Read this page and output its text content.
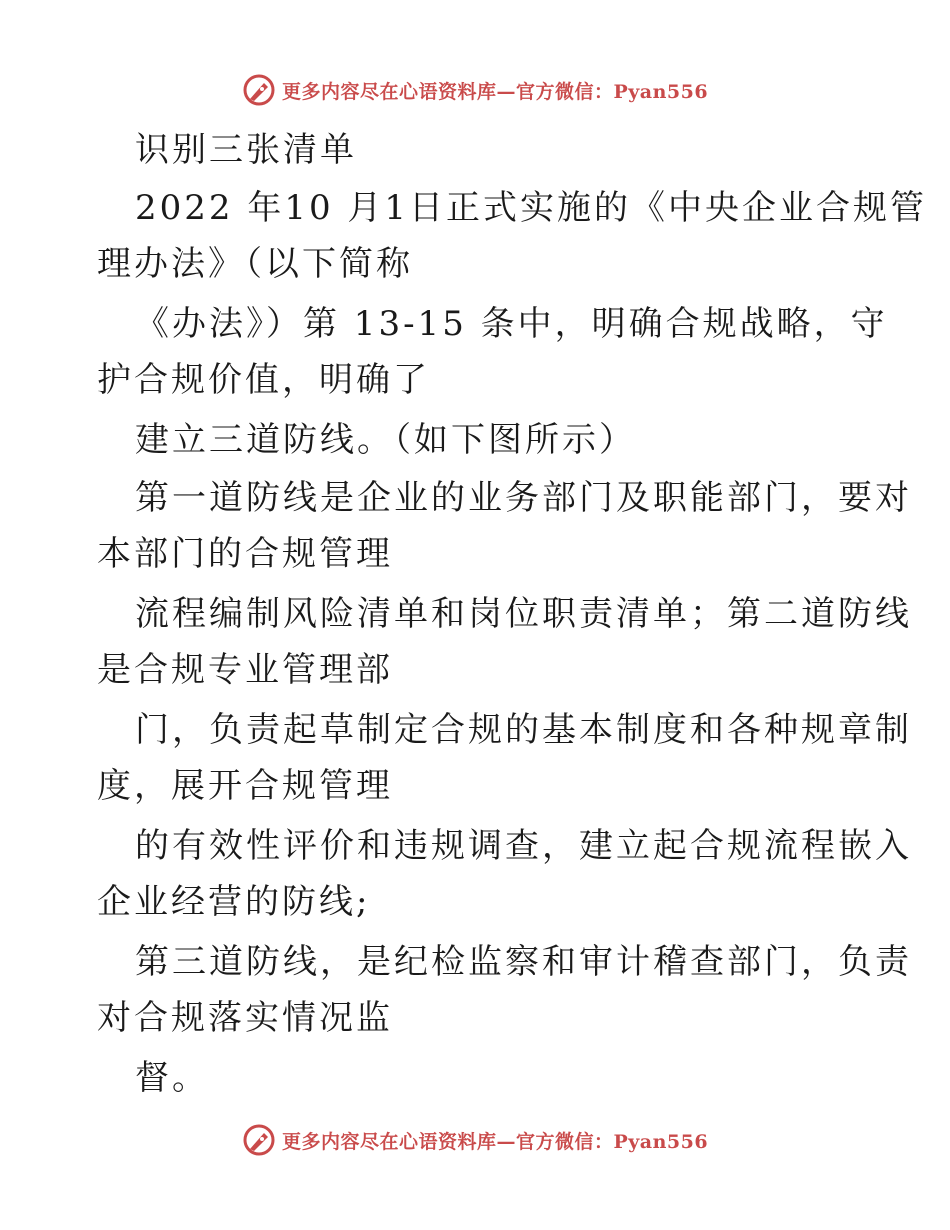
更多内容尽在心语资料库—官方微信：Pyan556
识别三张清单
2022 年10 月1日正式实施的《中央企业合规管
理办法》（以下简称
《办法》）第 13-15 条中，明确合规战略，守
护合规价值，明确了
建立三道防线。（如下图所示）
第一道防线是企业的业务部门及职能部门，要对
本部门的合规管理
流程编制风险清单和岗位职责清单；第二道防线
是合规专业管理部
门，负责起草制定合规的基本制度和各种规章制
度，展开合规管理
的有效性评价和违规调查，建立起合规流程嵌入
企业经营的防线;
第三道防线，是纪检监察和审计稽查部门，负责
对合规落实情况监
督。
更多内容尽在心语资料库—官方微信：Pyan556
